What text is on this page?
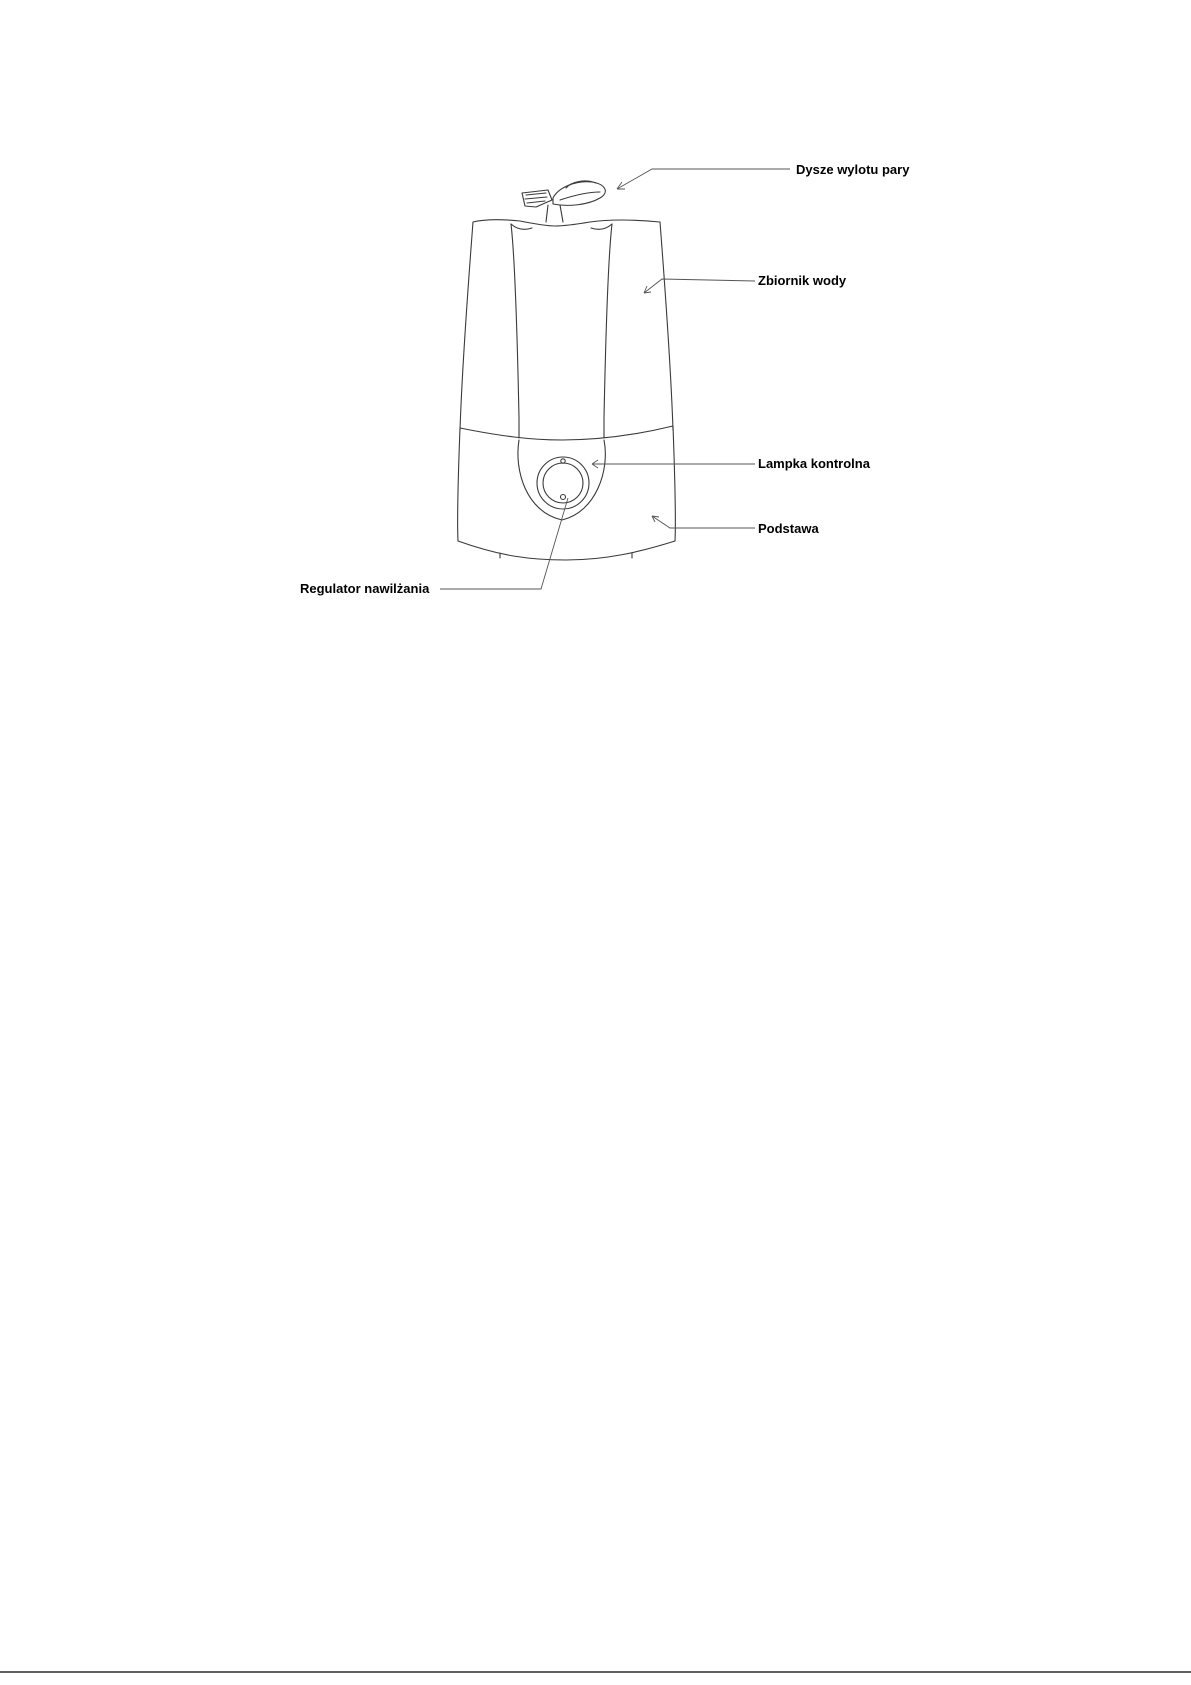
Dysze wylotu pary
Zbiornik wody
Lampka kontrolna
Podstawa
Regulator nawilżania
